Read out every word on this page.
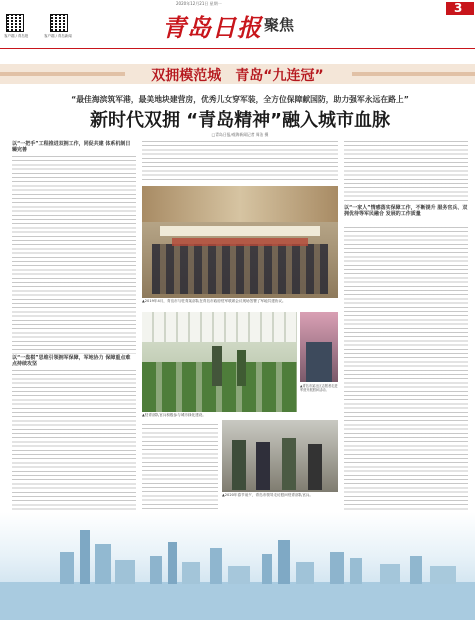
客户端 / 青岛报	客户端 / 青岛新闻
2020年12月21日 星期一
青岛日报 聚焦
3
双拥模范城　青岛“九连冠”
“最佳海滨筑军港，最美地块建营房，优秀儿女穿军装，全方位保障献国防，助力强军永远在路上”
新时代双拥 “青岛精神”融入城市血脉
□青岛日报/观海新闻记者 周洁 摄
以“一把手”工程推进双拥工作，同促共建 体系机制日臻完善
以“一盘棋”思维引领拥军保障，军地协力 保障重点难点持续攻坚
以“一家人”情感落实保障工作，不断提升 服务官兵、双拥优待等军民融合 发展的工作质量
▲2019年4月，青岛市与驻青某部队在青岛市政府驻军联席会议现场签署了军地共建协议。
▲青岛市某社区志愿者走进军营开展慰问活动。
▲驻青部队官兵积极参与城市绿化建设。
▲2020年春节前夕，青岛市领导走访慰问驻青部队官兵。
